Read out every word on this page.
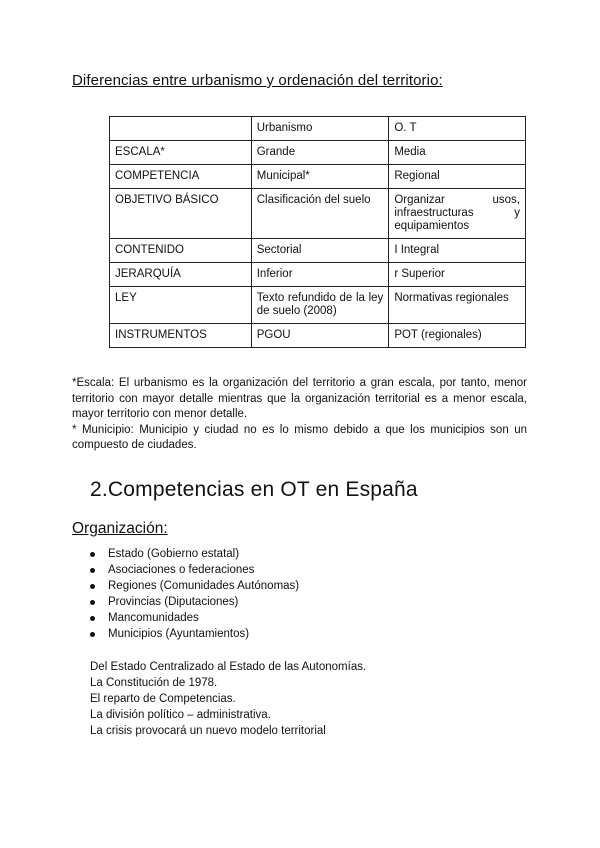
Diferencias entre urbanismo y ordenación del territorio:
	Urbanismo	O. T
ESCALA*	Grande	Media
COMPETENCIA	Municipal*	Regional
OBJETIVO BÁSICO	Clasificación del suelo	Organizar usos, infraestructuras y equipamientos
CONTENIDO	Sectorial	I Integral
JERARQUÍA	Inferior	r Superior
LEY	Texto refundido de la ley de suelo (2008)	Normativas regionales
INSTRUMENTOS	PGOU	POT (regionales)

*Escala: El urbanismo es la organización del territorio a gran escala, por tanto, menor territorio con mayor detalle mientras que la organización territorial es a menor escala, mayor territorio con menor detalle.

* Municipio: Municipio y ciudad no es lo mismo debido a que los municipios son un compuesto de ciudades.

2.Competencias en OT en España
Organización:
Estado (Gobierno estatal)
Asociaciones o federaciones
Regiones (Comunidades Autónomas)
Provincias (Diputaciones)
Mancomunidades
Municipios (Ayuntamientos)
Del Estado Centralizado al Estado de las Autonomías.
La Constitución de 1978.
El reparto de Competencias.
La división político – administrativa.
La crisis provocará un nuevo modelo territorial
